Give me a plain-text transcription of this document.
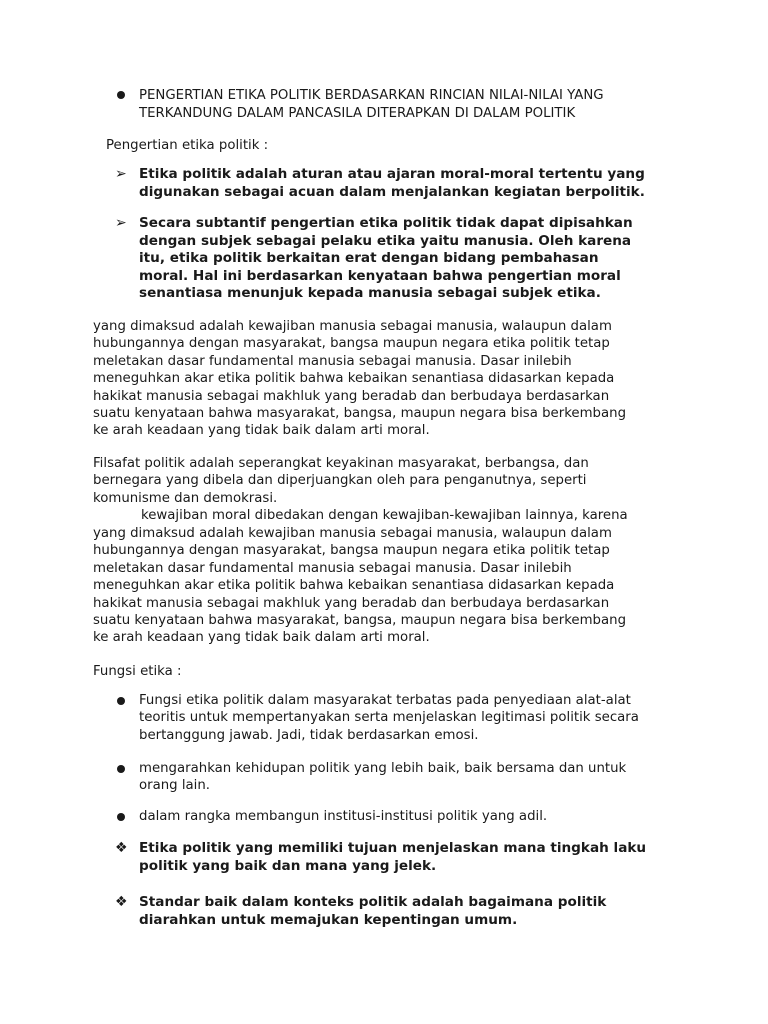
PENGERTIAN ETIKA POLITIK BERDASARKAN RINCIAN NILAI-NILAI YANG
TERKANDUNG DALAM PANCASILA DITERAPKAN DI DALAM POLITIK

Pengertian etika politik :

➢ Etika politik adalah aturan atau ajaran moral-moral tertentu yang
digunakan sebagai acuan dalam menjalankan kegiatan berpolitik.

➢ Secara subtantif pengertian etika politik tidak dapat dipisahkan
dengan subjek sebagai pelaku etika yaitu manusia. Oleh karena
itu, etika politik berkaitan erat dengan bidang pembahasan
moral. Hal ini berdasarkan kenyataan bahwa pengertian moral
senantiasa menunjuk kepada manusia sebagai subjek etika.

yang dimaksud adalah kewajiban manusia sebagai manusia, walaupun dalam
hubungannya dengan masyarakat, bangsa maupun negara etika politik tetap
meletakan dasar fundamental manusia sebagai manusia. Dasar inilebih
meneguhkan akar etika politik bahwa kebaikan senantiasa didasarkan kepada
hakikat manusia sebagai makhluk yang beradab dan berbudaya berdasarkan
suatu kenyataan bahwa masyarakat, bangsa, maupun negara bisa berkembang
ke arah keadaan yang tidak baik dalam arti moral.

Filsafat politik adalah seperangkat keyakinan masyarakat, berbangsa, dan
bernegara yang dibela dan diperjuangkan oleh para penganutnya, seperti
komunisme dan demokrasi.

kewajiban moral dibedakan dengan kewajiban-kewajiban lainnya, karena

yang dimaksud adalah kewajiban manusia sebagai manusia, walaupun dalam
hubungannya dengan masyarakat, bangsa maupun negara etika politik tetap
meletakan dasar fundamental manusia sebagai manusia. Dasar inilebih
meneguhkan akar etika politik bahwa kebaikan senantiasa didasarkan kepada
hakikat manusia sebagai makhluk yang beradab dan berbudaya berdasarkan
suatu kenyataan bahwa masyarakat, bangsa, maupun negara bisa berkembang
ke arah keadaan yang tidak baik dalam arti moral.

Fungsi etika :

Fungsi etika politik dalam masyarakat terbatas pada penyediaan alat-alat
teoritis untuk mempertanyakan serta menjelaskan legitimasi politik secara
bertanggung jawab. Jadi, tidak berdasarkan emosi.

mengarahkan kehidupan politik yang lebih baik, baik bersama dan untuk
orang lain.

dalam rangka membangun institusi-institusi politik yang adil.

❖ Etika politik yang memiliki tujuan menjelaskan mana tingkah laku
politik yang baik dan mana yang jelek.

❖ Standar baik dalam konteks politik adalah bagaimana politik
diarahkan untuk memajukan kepentingan umum.
